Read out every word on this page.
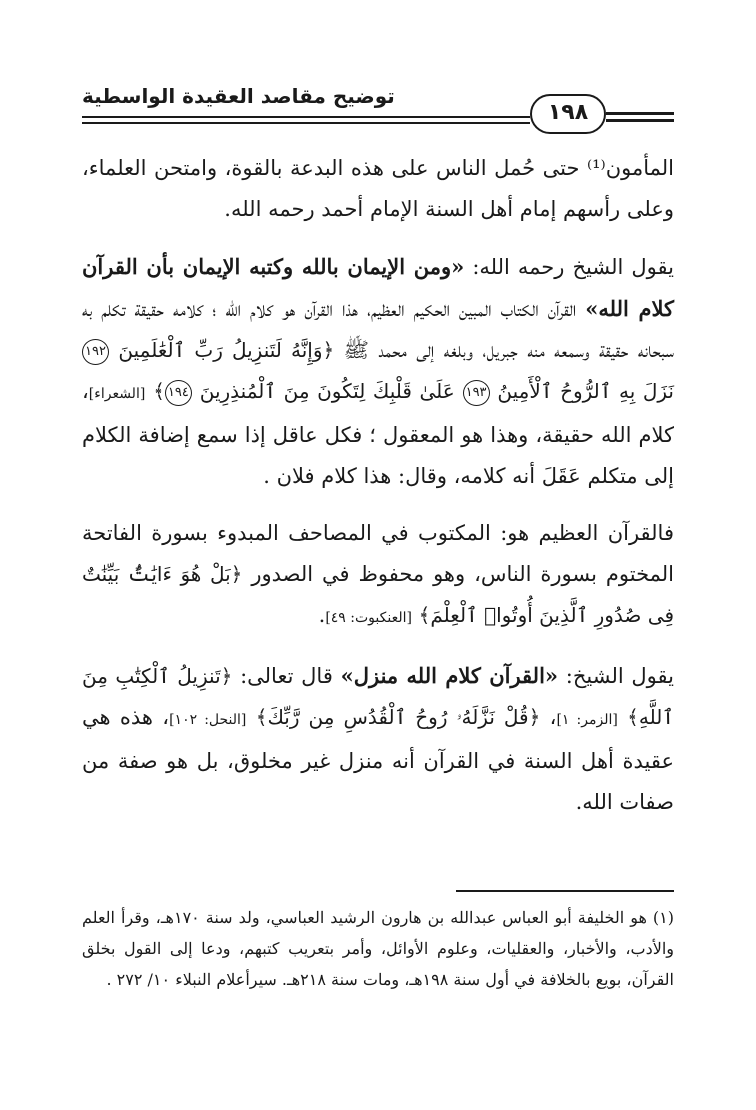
توضيح مقاصد العقيدة الواسطية
١٩٨

المأمون⁽¹⁾ حتى حُمل الناس على هذه البدعة بالقوة، وامتحن العلماء، وعلى رأسهم إمام أهل السنة الإمام أحمد رحمه الله.

يقول الشيخ رحمه الله: «ومن الإيمان بالله وكتبه الإيمان بأن القرآن كلام الله» القرآن الكتاب المبين الحكيم العظيم، هذا القرآن هو كلام الله ؛ كلامه حقيقة تكلم به سبحانه حقيقة وسمعه منه جبريل، وبلغه إلى محمد ﷺ ﴿وَإِنَّهُ لَتَنزِيلُ رَبِّ ٱلْعَٰلَمِينَ ١٩٢ نَزَلَ بِهِ ٱلرُّوحُ ٱلْأَمِينُ ١٩٣ عَلَىٰ قَلْبِكَ لِتَكُونَ مِنَ ٱلْمُنذِرِينَ ١٩٤﴾ [الشعراء]، كلام الله حقيقة، وهذا هو المعقول ؛ فكل عاقل إذا سمع إضافة الكلام إلى متكلم عَقَلَ أنه كلامه، وقال: هذا كلام فلان .

فالقرآن العظيم هو: المكتوب في المصاحف المبدوء بسورة الفاتحة المختوم بسورة الناس، وهو محفوظ في الصدور ﴿بَلْ هُوَ ءَايَٰتٌۢ بَيِّنَٰتٌ فِى صُدُورِ ٱلَّذِينَ أُوتُوا۟ ٱلْعِلْمَ﴾ [العنكبوت: ٤٩].

يقول الشيخ: «القرآن كلام الله منزل» قال تعالى: ﴿تَنزِيلُ ٱلْكِتَٰبِ مِنَ ٱللَّهِ﴾ [الزمر: ١]، ﴿قُلْ نَزَّلَهُۥ رُوحُ ٱلْقُدُسِ مِن رَّبِّكَ﴾ [النحل: ١٠٢]، هذه هي عقيدة أهل السنة في القرآن أنه منزل غير مخلوق، بل هو صفة من صفات الله.

(١) هو الخليفة أبو العباس عبدالله بن هارون الرشيد العباسي، ولد سنة ١٧٠هـ، وقرأ العلم والأدب، والأخبار، والعقليات، وعلوم الأوائل، وأمر بتعريب كتبهم، ودعا إلى القول بخلق القرآن، بويع بالخلافة في أول سنة ١٩٨هـ، ومات سنة ٢١٨هـ. سيرأعلام النبلاء ١٠/ ٢٧٢ .
